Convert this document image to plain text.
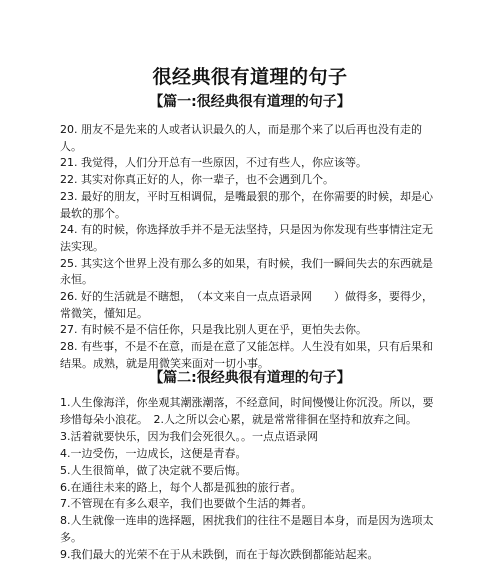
很经典很有道理的句子
【篇一:很经典很有道理的句子】

20. 朋友不是先来的人或者认识最久的人，而是那个来了以后再也没有走的人。

21. 我觉得，人们分开总有一些原因，不过有些人，你应该等。

22. 其实对你真正好的人，你一辈子，也不会遇到几个。

23. 最好的朋友，平时互相调侃，是嘴最狠的那个，在你需要的时候，却是心最软的那个。

24. 有的时候，你选择放手并不是无法坚持，只是因为你发现有些事情注定无法实现。

25. 其实这个世界上没有那么多的如果，有时候，我们一瞬间失去的东西就是永恒。

26. 好的生活就是不瞎想，　（本文来自一点点语录网　　）做得多，要得少，常微笑，懂知足。

27. 有时候不是不信任你，只是我比别人更在乎，更怕失去你。

28. 有些事，不是不在意，而是在意了又能怎样。人生没有如果，只有后果和结果。成熟，就是用微笑来面对一切小事。

【篇二:很经典很有道理的句子】

1.人生像海洋，你坐观其潮涨潮落，不经意间，时间慢慢让你沉没。所以，要珍惜每朵小浪花。　2.人之所以会心累，就是常常徘徊在坚持和放弃之间。

3.活着就要快乐，因为我们会死很久。。一点点语录网

4.一边受伤，一边成长，这便是青春。

5.人生很简单，做了决定就不要后悔。

6.在通往未来的路上，每个人都是孤独的旅行者。

7.不管现在有多么艰辛，我们也要做个生活的舞者。

8.人生就像一连串的选择题，困扰我们的往往不是题目本身，而是因为选项太多。

9.我们最大的光荣不在于从未跌倒，而在于每次跌倒都能站起来。
